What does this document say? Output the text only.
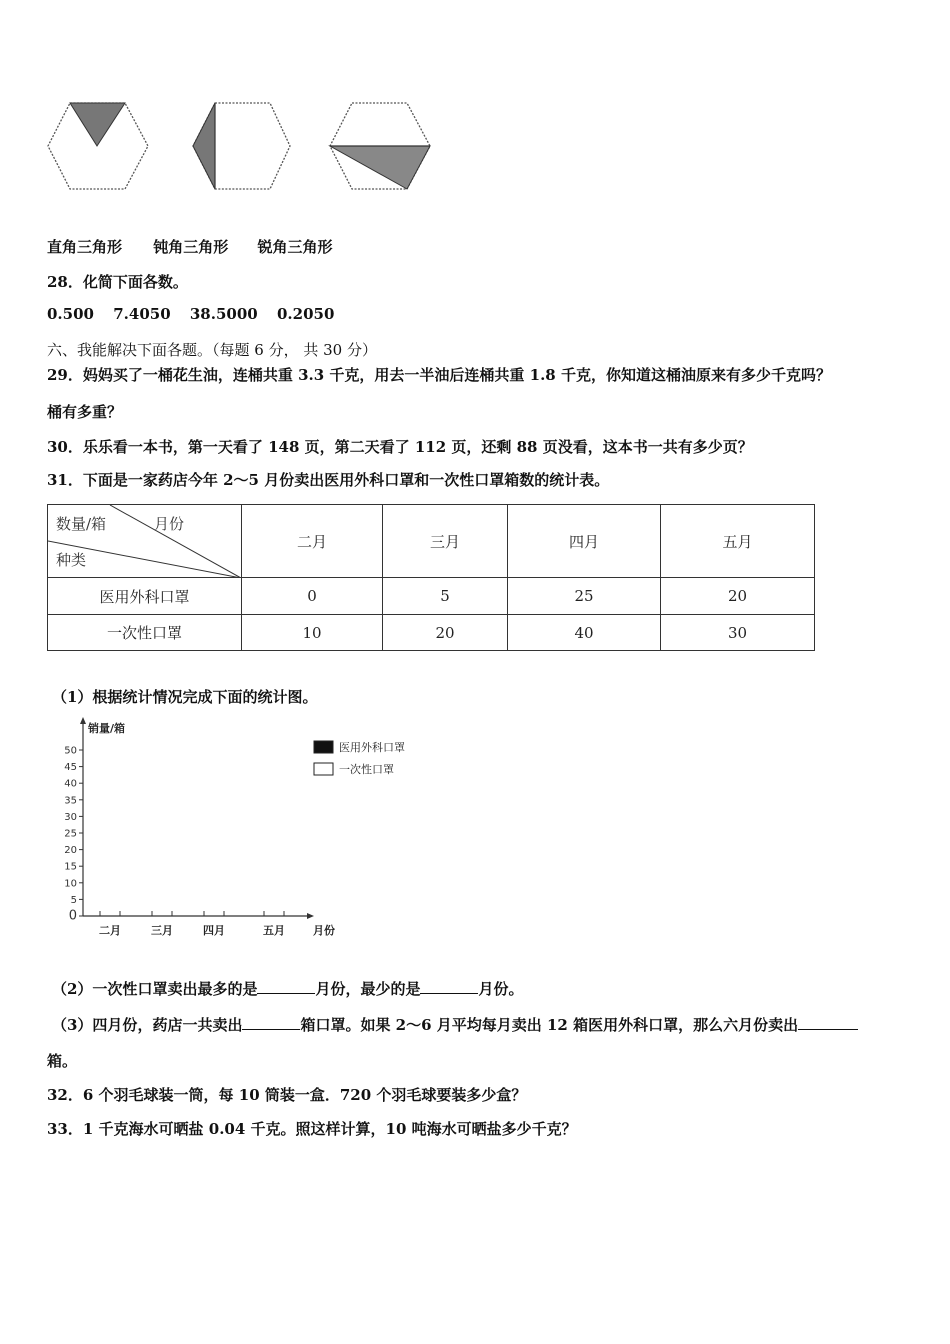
直角三角形 钝角三角形 锐角三角形
28．化简下面各数。
0.500 7.4050 38.5000 0.2050
六、我能解决下面各题。（每题 6 分， 共 30 分）
29．妈妈买了一桶花生油，连桶共重 3.3 千克，用去一半油后连桶共重 1.8 千克，你知道这桶油原来有多少千克吗？
桶有多重？
30．乐乐看一本书，第一天看了 148 页，第二天看了 112 页，还剩 88 页没看，这本书一共有多少页？
31．下面是一家药店今年 2～5 月份卖出医用外科口罩和一次性口罩箱数的统计表。
数量/箱 月份
种类	二月	三月	四月	五月
医用外科口罩	0	5	25	20
一次性口罩	10	20	40	30
（1）根据统计情况完成下面的统计图。
销量/箱
0
5
10
15
20
25
30
35
40
45
50
二月	三月	四月	五月	月份
医用外科口罩
一次性口罩
（2）一次性口罩卖出最多的是	月份，最少的是	月份。
（3）四月份，药店一共卖出	箱口罩。如果 2～6 月平均每月卖出 12 箱医用外科口罩，那么六月份卖出
箱。
32．6 个羽毛球装一筒，每 10 筒装一盒．720 个羽毛球要装多少盒？
33．1 千克海水可晒盐 0.04 千克。照这样计算，10 吨海水可晒盐多少千克？
